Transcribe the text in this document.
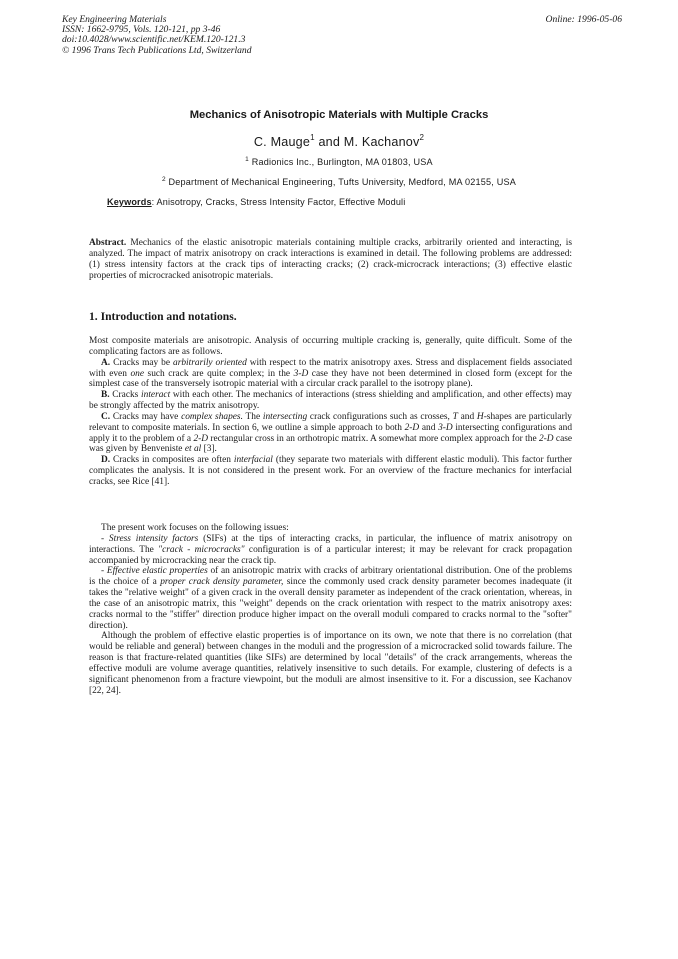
Key Engineering Materials
ISSN: 1662-9795, Vols. 120-121, pp 3-46
doi:10.4028/www.scientific.net/KEM.120-121.3
© 1996 Trans Tech Publications Ltd, Switzerland
Online: 1996-05-06
Mechanics of Anisotropic Materials with Multiple Cracks
C. Mauge$^1$ and M. Kachanov$^2$
$^1$ Radionics Inc., Burlington, MA 01803, USA
$^2$ Department of Mechanical Engineering, Tufts University, Medford, MA 02155, USA
Keywords: Anisotropy, Cracks, Stress Intensity Factor, Effective Moduli

Abstract. Mechanics of the elastic anisotropic materials containing multiple cracks, arbitrarily oriented and interacting, is analyzed. The impact of matrix anisotropy on crack interactions is examined in detail. The following problems are addressed: (1) stress intensity factors at the crack tips of interacting cracks; (2) crack-microcrack interactions; (3) effective elastic properties of microcracked anisotropic materials.

1. Introduction and notations.

Most composite materials are anisotropic. Analysis of occurring multiple cracking is, generally, quite difficult. Some of the complicating factors are as follows.

A. Cracks may be arbitrarily oriented with respect to the matrix anisotropy axes. Stress and displacement fields associated with even one such crack are quite complex; in the 3-D case they have not been determined in closed form (except for the simplest case of the transversely isotropic material with a circular crack parallel to the isotropy plane).

B. Cracks interact with each other. The mechanics of interactions (stress shielding and amplification, and other effects) may be strongly affected by the matrix anisotropy.

C. Cracks may have complex shapes. The intersecting crack configurations such as crosses, T and H-shapes are particularly relevant to composite materials. In section 6, we outline a simple approach to both 2-D and 3-D intersecting configurations and apply it to the problem of a 2-D rectangular cross in an orthotropic matrix. A somewhat more complex approach for the 2-D case was given by Benveniste et al [3].

D. Cracks in composites are often interfacial (they separate two materials with different elastic moduli). This factor further complicates the analysis. It is not considered in the present work. For an overview of the fracture mechanics for interfacial cracks, see Rice [41].

The present work focuses on the following issues:

- Stress intensity factors (SIFs) at the tips of interacting cracks, in particular, the influence of matrix anisotropy on interactions. The "crack - microcracks" configuration is of a particular interest; it may be relevant for crack propagation accompanied by microcracking near the crack tip.

- Effective elastic properties of an anisotropic matrix with cracks of arbitrary orientational distribution. One of the problems is the choice of a proper crack density parameter, since the commonly used crack density parameter becomes inadequate (it takes the "relative weight" of a given crack in the overall density parameter as independent of the crack orientation, whereas, in the case of an anisotropic matrix, this "weight" depends on the crack orientation with respect to the matrix anisotropy axes: cracks normal to the "stiffer" direction produce higher impact on the overall moduli compared to cracks normal to the "softer" direction).

Although the problem of effective elastic properties is of importance on its own, we note that there is no correlation (that would be reliable and general) between changes in the moduli and the progression of a microcracked solid towards failure. The reason is that fracture-related quantities (like SIFs) are determined by local "details" of the crack arrangements, whereas the effective moduli are volume average quantities, relatively insensitive to such details. For example, clustering of defects is a significant phenomenon from a fracture viewpoint, but the moduli are almost insensitive to it. For a discussion, see Kachanov [22, 24].
